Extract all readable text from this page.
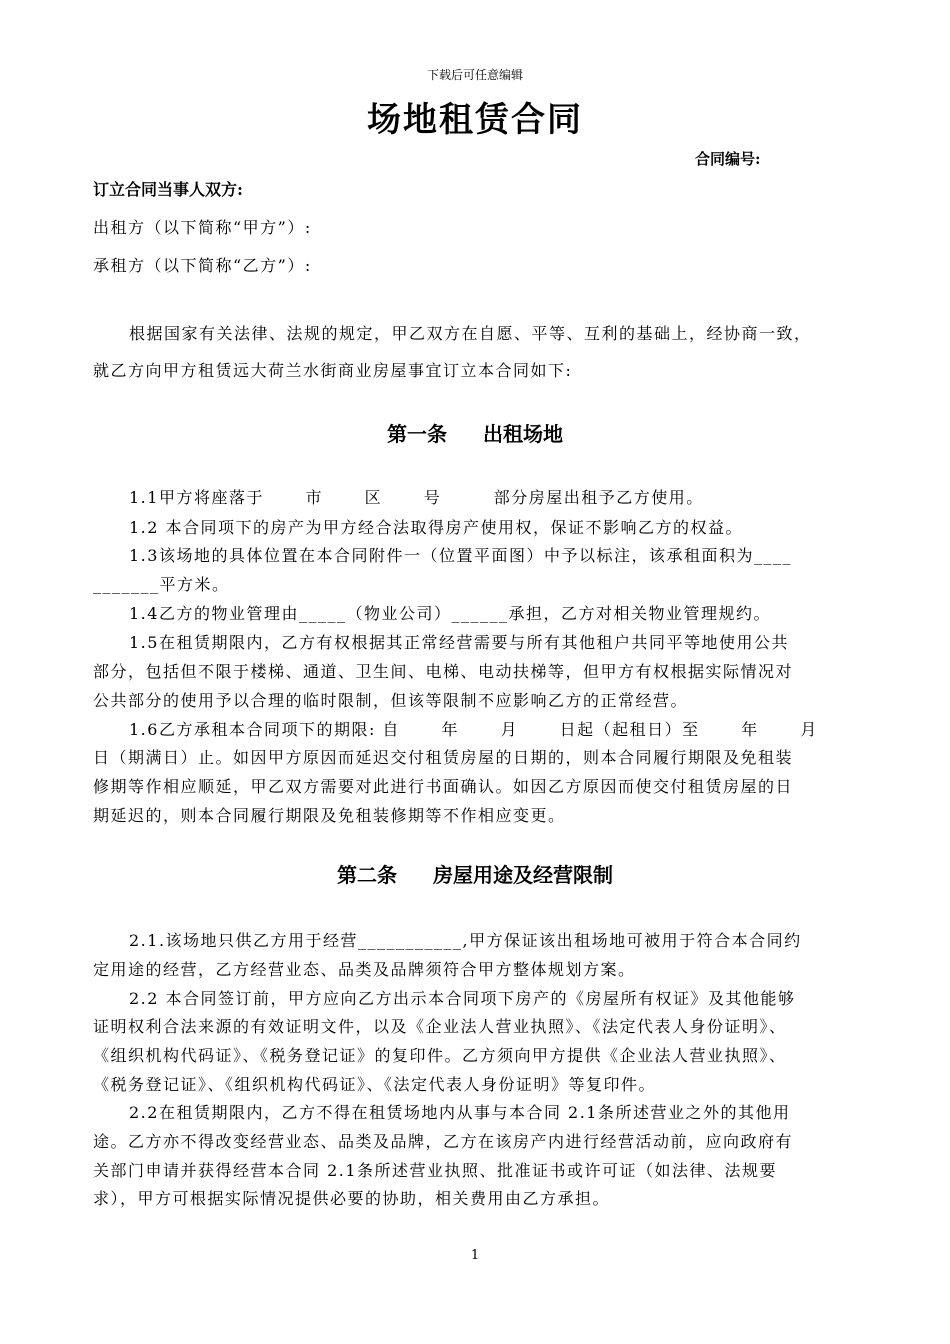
下载后可任意编辑
场地租赁合同
合同编号:
订立合同当事人双方:
出租方（以下简称“甲方”）:
承租方（以下简称“乙方”）:
根据国家有关法律、法规的规定，甲乙双方在自愿、平等、互利的基础上，经协商一致，
就乙方向甲方租赁远大荷兰水街商业房屋事宜订立本合同如下:
第一条 出租场地
1.1甲方将座落于　　 市　　 区　　 号　　　部分房屋出租予乙方使用。
1.2 本合同项下的房产为甲方经合法取得房产使用权，保证不影响乙方的权益。
1.3该场地的具体位置在本合同附件一（位置平面图）中予以标注，该承租面积为____
_______平方米。
1.4乙方的物业管理由_____（物业公司）______承担，乙方对相关物业管理规约。
1.5在租赁期限内，乙方有权根据其正常经营需要与所有其他租户共同平等地使用公共
部分，包括但不限于楼梯、通道、卫生间、电梯、电动扶梯等，但甲方有权根据实际情况对
公共部分的使用予以合理的临时限制，但该等限制不应影响乙方的正常经营。
1.6乙方承租本合同项下的期限: 自　　 年　　 月　　 日起（起租日）至　　 年　　 月
日（期满日）止。如因甲方原因而延迟交付租赁房屋的日期的，则本合同履行期限及免租装
修期等作相应顺延，甲乙双方需要对此进行书面确认。如因乙方原因而使交付租赁房屋的日
期延迟的，则本合同履行期限及免租装修期等不作相应变更。
第二条 房屋用途及经营限制
2.1.该场地只供乙方用于经营___________,甲方保证该出租场地可被用于符合本合同约
定用途的经营，乙方经营业态、品类及品牌须符合甲方整体规划方案。
2.2 本合同签订前，甲方应向乙方出示本合同项下房产的《房屋所有权证》及其他能够
证明权利合法来源的有效证明文件，以及《企业法人营业执照》、《法定代表人身份证明》、
《组织机构代码证》、《税务登记证》的复印件。乙方须向甲方提供《企业法人营业执照》、
《税务登记证》、《组织机构代码证》、《法定代表人身份证明》等复印件。
2.2在租赁期限内，乙方不得在租赁场地内从事与本合同 2.1条所述营业之外的其他用
途。乙方亦不得改变经营业态、品类及品牌，乙方在该房产内进行经营活动前，应向政府有
关部门申请并获得经营本合同 2.1条所述营业执照、批准证书或许可证（如法律、法规要
求），甲方可根据实际情况提供必要的协助，相关费用由乙方承担。
1
